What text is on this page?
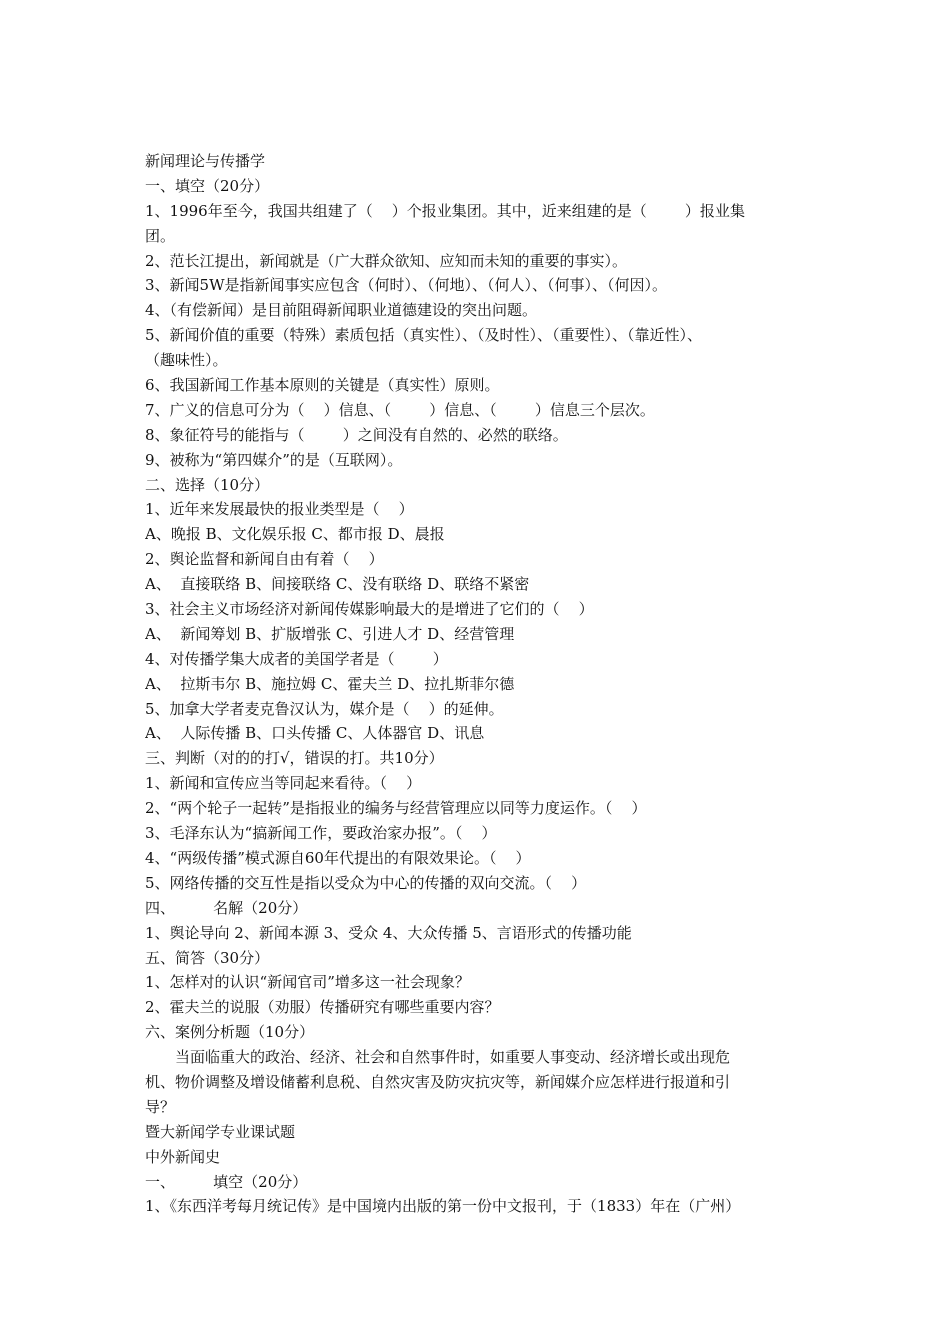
新闻理论与传播学
一、填空（20分）
1、1996年至今，我国共组建了（    ）个报业集团。其中，近来组建的是（        ）报业集
团。
2、范长江提出，新闻就是（广大群众欲知、应知而未知的重要的事实）。
3、新闻5W是指新闻事实应包含（何时）、（何地）、（何人）、（何事）、（何因）。
4、（有偿新闻）是目前阻碍新闻职业道德建设的突出问题。
5、新闻价值的重要（特殊）素质包括（真实性）、（及时性）、（重要性）、（靠近性）、
（趣味性）。
6、我国新闻工作基本原则的关键是（真实性）原则。
7、广义的信息可分为（    ）信息、（        ）信息、（        ）信息三个层次。
8、象征符号的能指与（        ）之间没有自然的、必然的联络。
9、被称为“第四媒介”的是（互联网）。
二、选择（10分）
1、近年来发展最快的报业类型是（    ）
A、晚报 B、文化娱乐报 C、都市报 D、晨报
2、舆论监督和新闻自由有着（    ）
A、  直接联络 B、间接联络 C、没有联络 D、联络不紧密
3、社会主义市场经济对新闻传媒影响最大的是增进了它们的（    ）
A、  新闻筹划 B、扩版增张 C、引进人才 D、经营管理
4、对传播学集大成者的美国学者是（        ）
A、  拉斯韦尔 B、施拉姆 C、霍夫兰 D、拉扎斯菲尔德
5、加拿大学者麦克鲁汉认为，媒介是（    ）的延伸。
A、  人际传播 B、口头传播 C、人体器官 D、讯息
三、判断（对的的打√，错误的打。共10分）
1、新闻和宣传应当等同起来看待。（    ）
2、“两个轮子一起转”是指报业的编务与经营管理应以同等力度运作。（    ）
3、毛泽东认为“搞新闻工作，要政治家办报”。（    ）
4、“两级传播”模式源自60年代提出的有限效果论。（    ）
5、网络传播的交互性是指以受众为中心的传播的双向交流。（    ）
四、        名解（20分）
1、舆论导向 2、新闻本源 3、受众 4、大众传播 5、言语形式的传播功能
五、简答（30分）
1、怎样对的认识“新闻官司”增多这一社会现象？
2、霍夫兰的说服（劝服）传播研究有哪些重要内容？
六、案例分析题（10分）
当面临重大的政治、经济、社会和自然事件时，如重要人事变动、经济增长或出现危
机、物价调整及增设储蓄利息税、自然灾害及防灾抗灾等，新闻媒介应怎样进行报道和引
导？
暨大新闻学专业课试题
中外新闻史
一、        填空（20分）
1、《东西洋考每月统记传》是中国境内出版的第一份中文报刊，于（1833）年在（广州）
